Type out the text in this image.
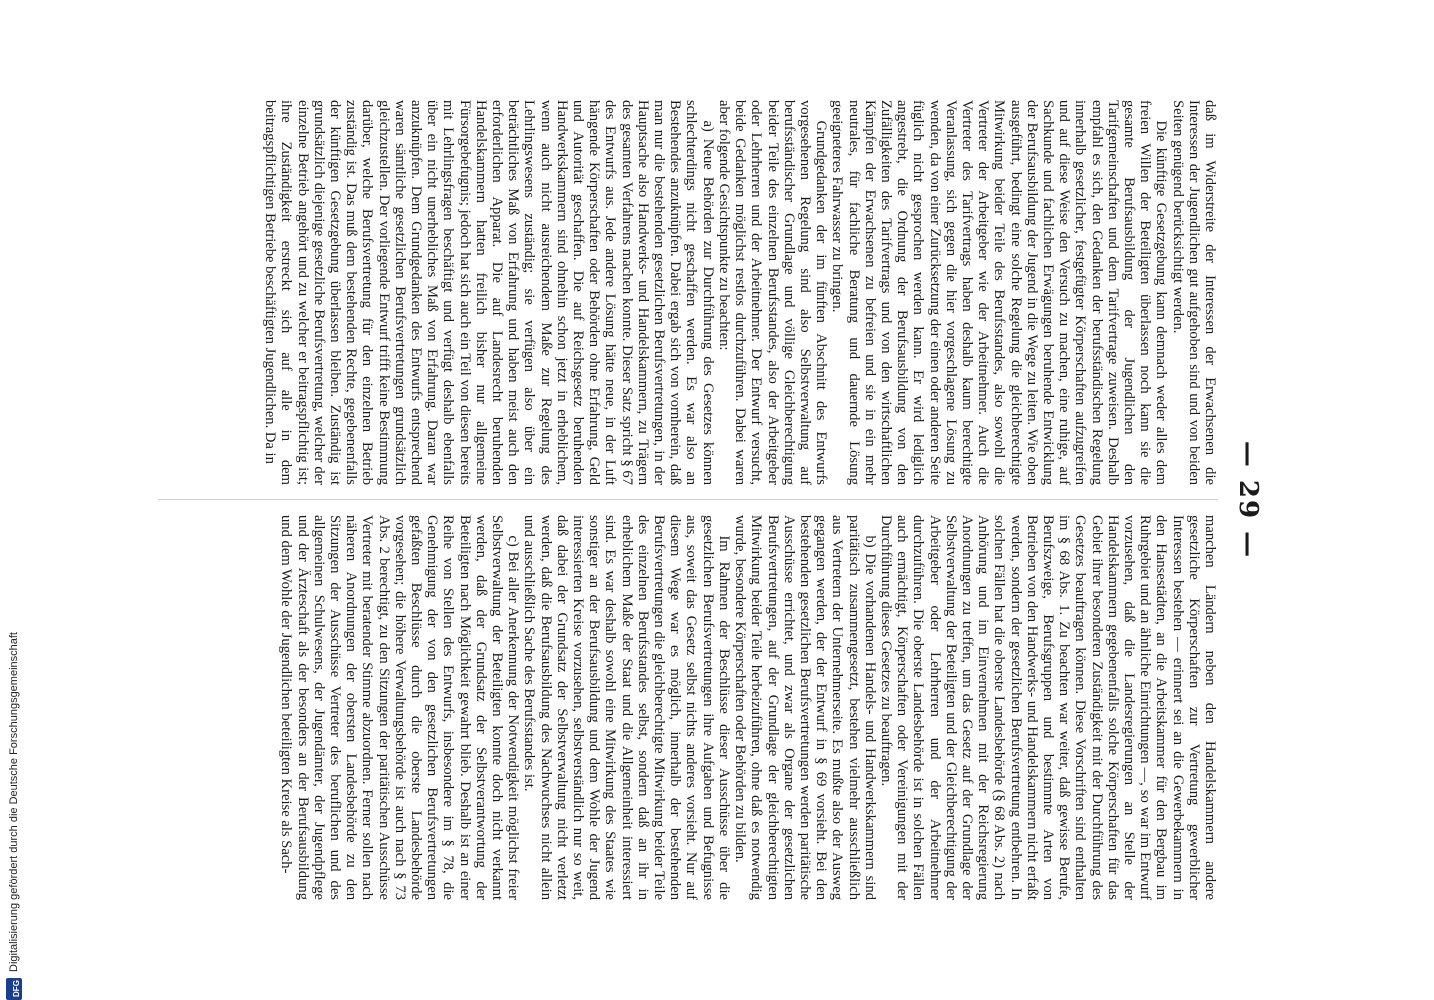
DFG
Digitalisierung gefördert durch die Deutsche Forschungsgemeinschaft
— 29 —

daß im Widerstreite der Interessen der Erwachsenen die Interessen der Jugendlichen gut aufgehoben sind und von beiden Seiten genügend berücksichtigt werden.

Die künftige Gesetzgebung kann demnach weder alles dem freien Willen der Beteiligten überlassen noch kann sie die gesamte Berufsausbildung der Jugendlichen den Tarifgemeinschaften und dem Tarifvertrage zuweisen. Deshalb empfahl es sich, den Gedanken der berufsständischen Regelung innerhalb gesetzlicher, festgefügter Körperschaften aufzugreifen und auf diese Weise den Versuch zu machen, eine ruhige, auf Sachkunde und fachlichen Erwägungen beruhende Entwicklung der Berufsausbildung der Jugend in die Wege zu leiten. Wie oben ausgeführt, bedingt eine solche Regelung die gleichberechtigte Mitwirkung beider Teile des Berufsstandes, also sowohl die Vertreter der Arbeitgeber wie der Arbeitnehmer. Auch die Vertreter des Tarifvertrags haben deshalb kaum berechtigte Veranlassung, sich gegen die hier vorgeschlagene Lösung zu wenden, da von einer Zurücksetzung der einen oder anderen Seite füglich nicht gesprochen werden kann. Er wird lediglich angestrebt, die Ordnung der Berufsausbildung von den Zufälligkeiten des Tarifvertrags und von den wirtschaftlichen Kämpfen der Erwachsenen zu befreien und sie in ein mehr neutrales, für fachliche Beratung und dauernde Lösung geeigneteres Fahrwasser zu bringen.

Grundgedanken der im fünften Abschnitt des Entwurfs vorgesehenen Regelung sind also Selbstverwaltung auf berufsständischer Grundlage und völlige Gleichberechtigung beider Teile des einzelnen Berufsstandes, also der Arbeitgeber oder Lehrherren und der Arbeitnehmer. Der Entwurf versucht, beide Gedanken möglichst restlos durchzuführen. Dabei waren aber folgende Gesichtspunkte zu beachten:

a) Neue Behörden zur Durchführung des Gesetzes können schlechterdings nicht geschaffen werden. Es war also an Bestehendes anzuknüpfen. Dabei ergab sich von vornherein, daß man nur die bestehenden gesetzlichen Berufsvertretungen, in der Hauptsache also Handwerks- und Handelskammern, zu Trägern des gesamten Verfahrens machen konnte. Dieser Satz spricht § 67 des Entwurfs aus. Jede andere Lösung hätte neue, in der Luft hängende Körperschaften oder Behörden ohne Erfahrung, Geld und Autorität geschaffen. Die auf Reichsgesetz beruhenden Handwerkskammern sind ohnehin schon jetzt in erheblichem, wenn auch nicht ausreichendem Maße zur Regelung des Lehrlingswesens zuständig; sie verfügen also über ein beträchtliches Maß von Erfahrung und haben meist auch den erforderlichen Apparat. Die auf Landesrecht beruhenden Handelskammern hatten freilich bisher nur allgemeine Fürsorgebefugnis; jedoch hat sich auch ein Teil von diesen bereits mit Lehrlingsfragen beschäftigt und verfügt deshalb ebenfalls über ein nicht unerhebliches Maß von Erfahrung. Daran war anzuknüpfen. Dem Grundgedanken des Entwurfs entsprechend waren sämtliche gesetzlichen Berufsvertretungen grundsätzlich gleichzustellen. Der vorliegende Entwurf trifft keine Bestimmung darüber, welche Berufsvertretung für den einzelnen Betrieb zuständig ist. Das muß dem bestehenden Rechte, gegebenenfalls der künftigen Gesetzgebung überlassen bleiben. Zuständig ist grundsätzlich diejenige gesetzliche Berufsvertretung, welcher der einzelne Betrieb angehört und zu welcher er beitragspflichtig ist; ihre Zuständigkeit erstreckt sich auf alle in dem beitragspflichtigen Betriebe beschäftigten Jugendlichen. Da in

manchen Ländern neben den Handelskammern andere gesetzliche Körperschaften zur Vertretung gewerblicher Interessen bestehen — erinnert sei an die Gewerbekammern in den Hansestädten, an die Arbeitskammer für den Bergbau im Ruhrgebiet und an ähnliche Einrichtungen —, so war im Entwurf vorzusehen, daß die Landesregierungen an Stelle der Handelskammern gegebenenfalls solche Körperschaften für das Gebiet ihrer besonderen Zuständigkeit mit der Durchführung des Gesetzes beauftragen können. Diese Vorschriften sind enthalten im § 68 Abs. 1. Zu beachten war weiter, daß gewisse Berufe, Berufszweige, Berufsgruppen und bestimmte Arten von Betrieben von den Handwerks- und Handelskammern nicht erfaßt werden, sondern der gesetzlichen Berufsvertretung entbehren. In solchen Fällen hat die oberste Landesbehörde (§ 68 Abs. 2) nach Anhörung und im Einvernehmen mit der Reichsregierung Anordnungen zu treffen, um das Gesetz auf der Grundlage der Selbstverwaltung der Beteiligten und der Gleichberechtigung der Arbeitgeber oder Lehrherren und der Arbeitnehmer durchzuführen. Die oberste Landesbehörde ist in solchen Fällen auch ermächtigt, Körperschaften oder Vereinigungen mit der Durchführung dieses Gesetzes zu beauftragen.

b) Die vorhandenen Handels- und Handwerkskammern sind paritätisch zusammengesetzt, bestehen vielmehr ausschließlich aus Vertretern der Unternehmerseite. Es mußte also der Ausweg gegangen werden, der der Entwurf in § 69 vorsieht. Bei den bestehenden gesetzlichen Berufsvertretungen werden paritätische Ausschüsse errichtet, und zwar als Organe der gesetzlichen Berufsvertretungen, auf der Grundlage der gleichberechtigten Mitwirkung beider Teile herbeizuführen, ohne daß es notwendig wurde, besondere Körperschaften oder Behörden zu bilden.

Im Rahmen der Beschlüsse dieser Ausschüsse über die gesetzlichen Berufsvertretungen ihre Aufgaben und Befugnisse aus, soweit das Gesetz selbst nichts anderes vorsieht. Nur auf diesem Wege war es möglich, innerhalb der bestehenden Berufsvertretungen die gleichberechtigte Mitwirkung beider Teile des einzelnen Berufsstandes selbst, sondern daß an ihr in erheblichem Maße der Staat und die Allgemeinheit interessiert sind. Es war deshalb sowohl eine Mitwirkung des Staates wie sonstiger an der Berufsausbildung und dem Wohle der Jugend interessierten Kreise vorzusehen, selbstverständlich nur so weit, daß dabei der Grundsatz der Selbstverwaltung nicht verletzt werden, daß die Berufsausbildung des Nachwuchses nicht allein und ausschließlich Sache des Berufsstandes ist.

c) Bei aller Anerkennung der Notwendigkeit möglichst freier Selbstverwaltung der Beteiligten konnte doch nicht verkannt werden, daß der Grundsatz der Selbstverantwortung der Beteiligten nach Möglichkeit gewahrt blieb. Deshalb ist an einer Reihe von Stellen des Entwurfs, insbesondere im § 78, die Genehmigung der von den gesetzlichen Berufsvertretungen gefaßten Beschlüsse durch die oberste Landesbehörde vorgesehen; die höhere Verwaltungsbehörde ist auch nach § 73 Abs. 2 berechtigt, zu den Sitzungen der paritätischen Ausschüsse Vertreter mit beratender Stimme abzuordnen. Ferner sollen nach näheren Anordnungen der obersten Landesbehörde zu den Sitzungen der Ausschüsse Vertreter des beruflichen und des allgemeinen Schulwesens, der Jugendämter, der Jugendpflege und der Ärzteschaft als der besonders an der Berufsausbildung und dem Wohle der Jugendlichen beteiligten Kreise als Sach-
